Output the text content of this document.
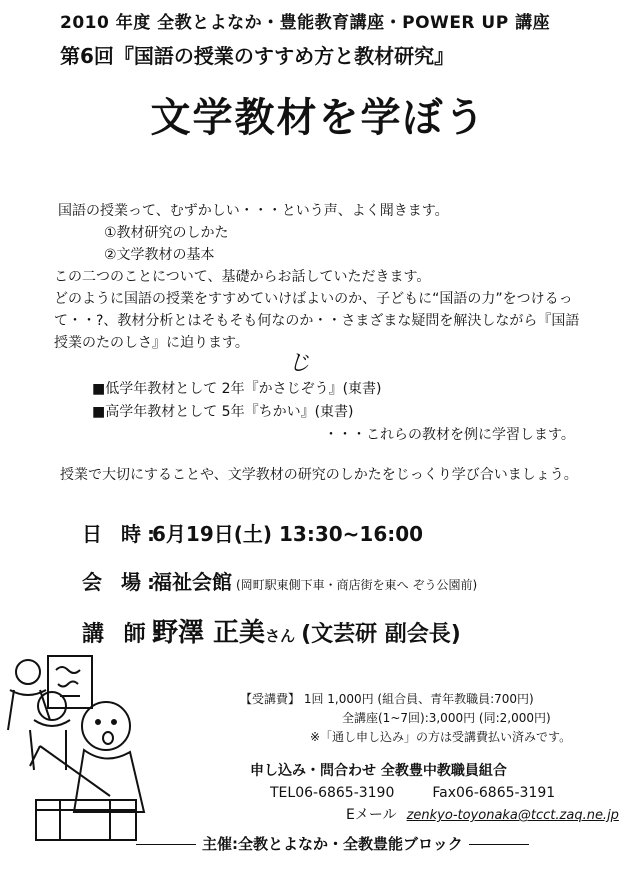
2010 年度 全教とよなか・豊能教育講座・POWER UP 講座
第6回『国語の授業のすすめ方と教材研究』
文学教材を学ぼう
国語の授業って、むずかしい・・・という声、よく聞きます。
①教材研究のしかた
②文学教材の基本
この二つのことについて、基礎からお話していただきます。
どのように国語の授業をすすめていけばよいのか、子どもに“国語の力”をつけるっ
て・・?、教材分析とはそもそも何なのか・・さまざまな疑問を解決しながら『国語
授業のたのしさ』に迫ります。
じ
■低学年教材として 2年『かさじぞう』(東書)
■高学年教材として 5年『ちかい』(東書)
・・・これらの教材を例に学習します。
授業で大切にすることや、文学教材の研究のしかたをじっくり学び合いましょう。
日 時:6月19日(土) 13:30~16:00
会 場:福祉会館 (岡町駅東側下車・商店街を東へ ぞう公園前)
講 師:野澤 正美さん (文芸研 副会長)
【受講費】 1回 1,000円 (組合員、青年教職員:700円)
全講座(1~7回):3,000円 (同:2,000円)
※「通し申し込み」の方は受講費払い済みです。
申し込み・問合わせ 全教豊中教職員組合
TEL06-6865-3190	Fax06-6865-3191
Eメール zenkyo-toyonaka@tcct.zaq.ne.jp
主催:全教とよなか・全教豊能ブロック
